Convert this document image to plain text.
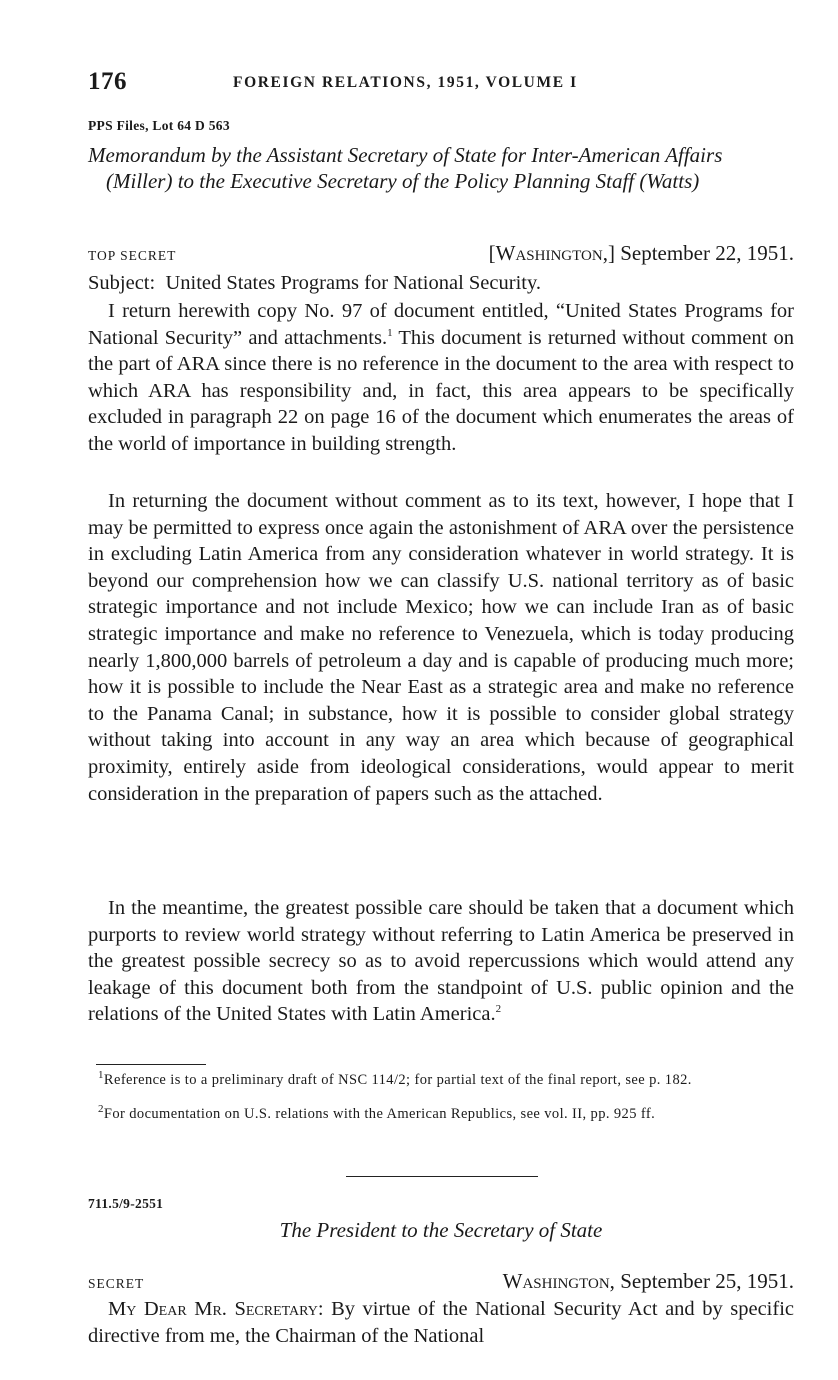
176	FOREIGN RELATIONS, 1951, VOLUME I
PPS Files, Lot 64 D 563
Memorandum by the Assistant Secretary of State for Inter-American Affairs (Miller) to the Executive Secretary of the Policy Planning Staff (Watts)
TOP SECRET	[Washington,] September 22, 1951.

Subject: United States Programs for National Security.

I return herewith copy No. 97 of document entitled, “United States Programs for National Security” and attachments.$^1$ This document is returned without comment on the part of ARA since there is no reference in the document to the area with respect to which ARA has responsibility and, in fact, this area appears to be specifically excluded in paragraph 22 on page 16 of the document which enumerates the areas of the world of importance in building strength.

In returning the document without comment as to its text, however, I hope that I may be permitted to express once again the astonishment of ARA over the persistence in excluding Latin America from any consideration whatever in world strategy. It is beyond our comprehension how we can classify U.S. national territory as of basic strategic importance and not include Mexico; how we can include Iran as of basic strategic importance and make no reference to Venezuela, which is today producing nearly 1,800,000 barrels of petroleum a day and is capable of producing much more; how it is possible to include the Near East as a strategic area and make no reference to the Panama Canal; in substance, how it is possible to consider global strategy without taking into account in any way an area which because of geographical proximity, entirely aside from ideological considerations, would appear to merit consideration in the preparation of papers such as the attached.

In the meantime, the greatest possible care should be taken that a document which purports to review world strategy without referring to Latin America be preserved in the greatest possible secrecy so as to avoid repercussions which would attend any leakage of this document both from the standpoint of U.S. public opinion and the relations of the United States with Latin America.$^2$

$^1$Reference is to a preliminary draft of NSC 114/2; for partial text of the final report, see p. 182.

$^2$For documentation on U.S. relations with the American Republics, see vol. II, pp. 925 ff.

711.5/9-2551
The President to the Secretary of State
SECRET	Washington, September 25, 1951.

My Dear Mr. Secretary: By virtue of the National Security Act and by specific directive from me, the Chairman of the National
